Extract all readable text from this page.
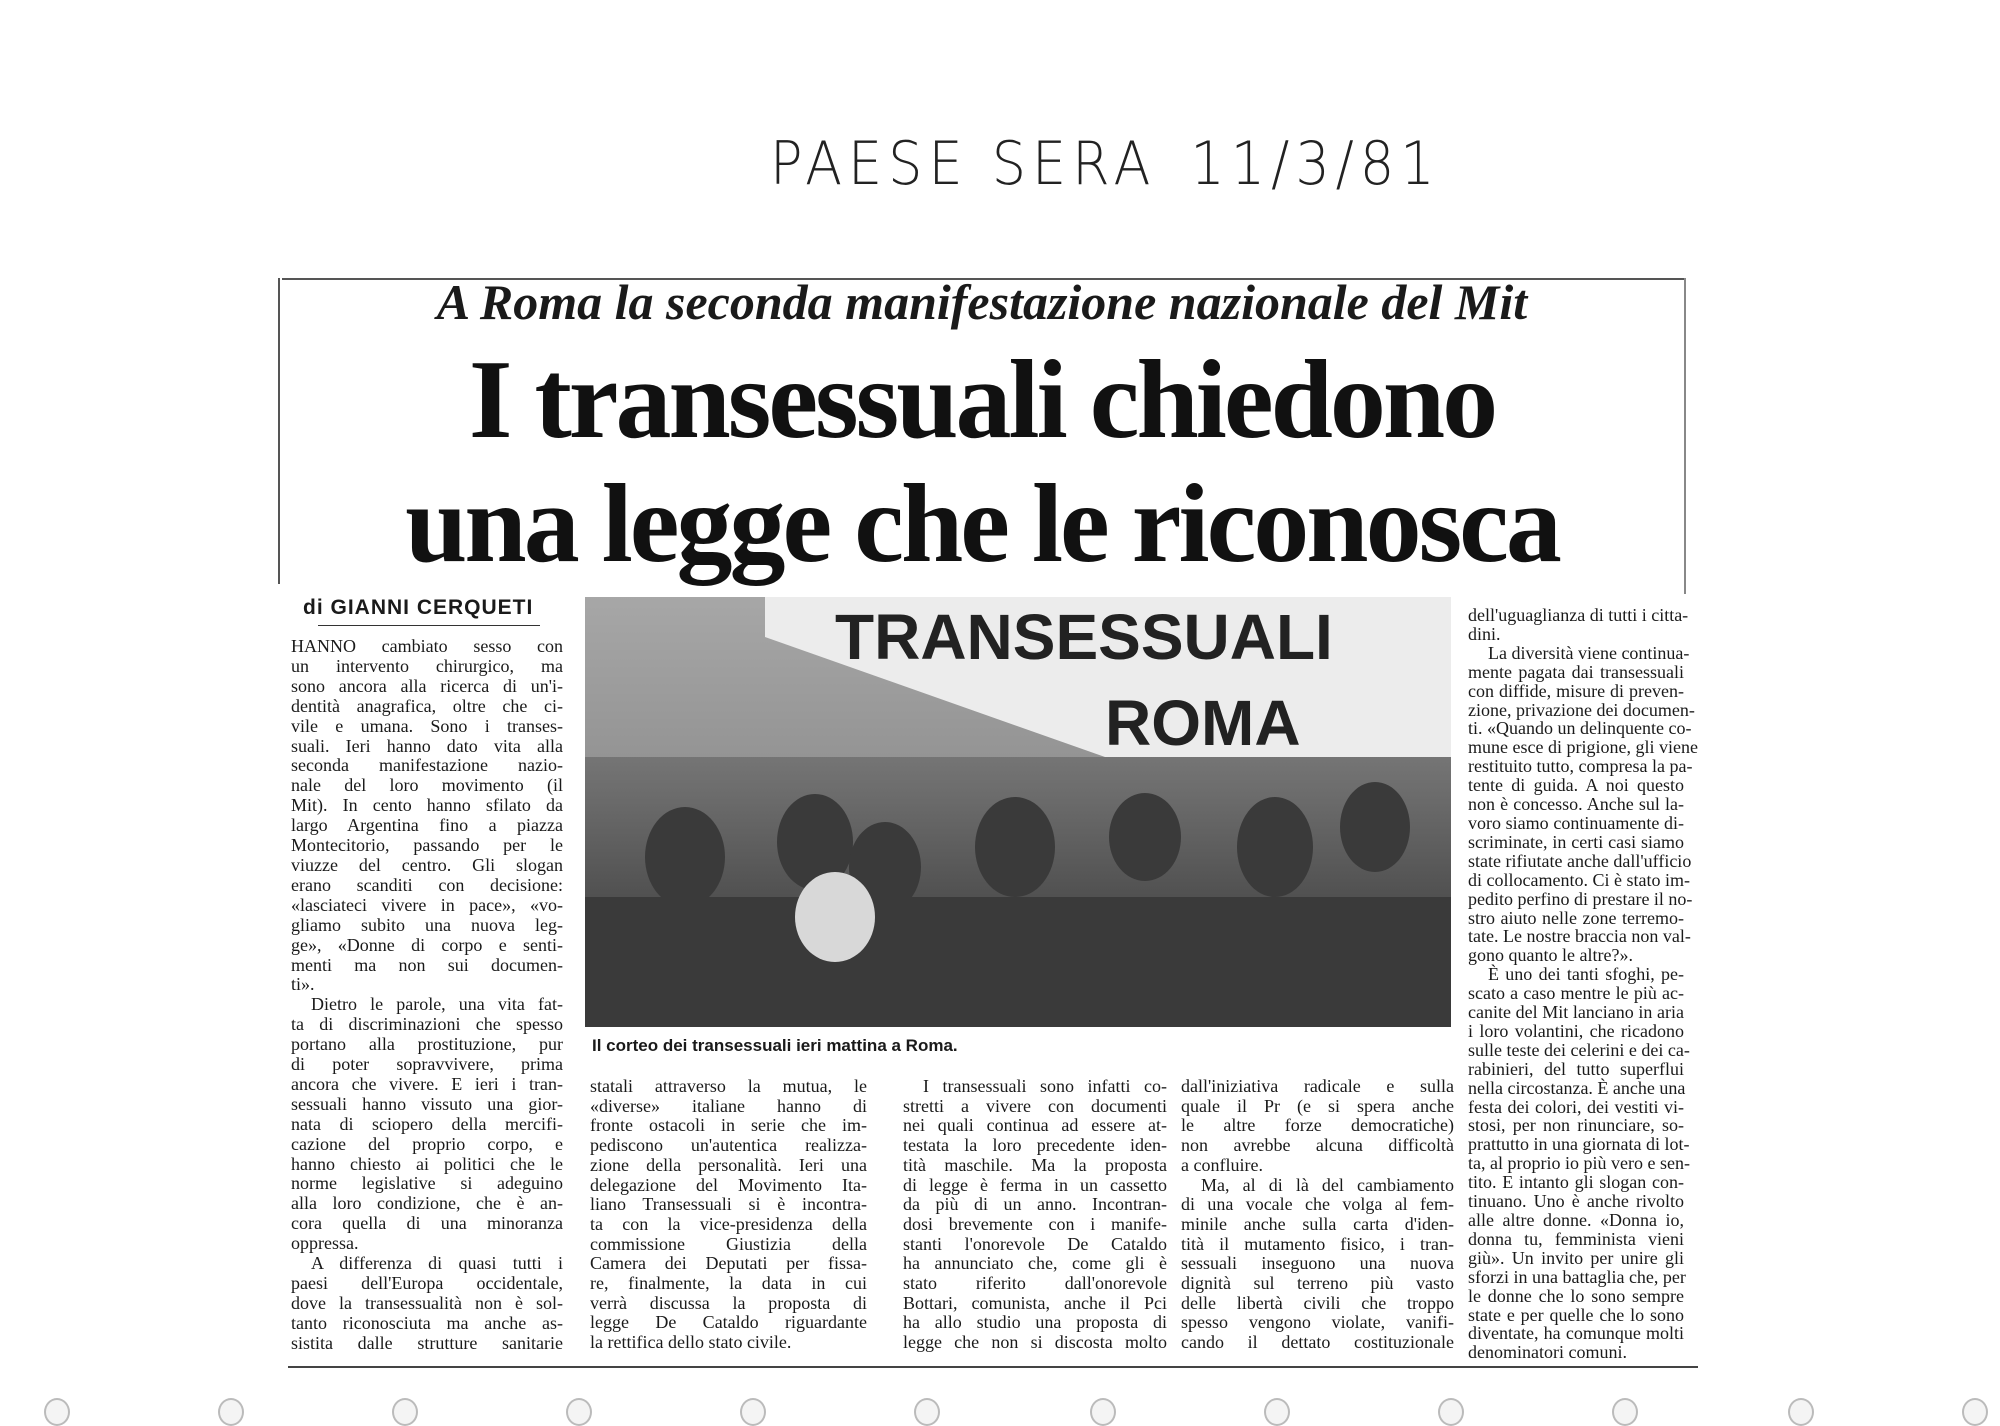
PAESE SERA 11/3/81
A Roma la seconda manifestazione nazionale del Mit
I transessuali chiedono
una legge che le riconosca
di GIANNI CERQUETI	TRANSESSUALI
ROMA
Il corteo dei transessuali ieri mattina a Roma.
HANNO cambiato sesso con
un intervento chirurgico, ma
sono ancora alla ricerca di un'i-
dentità anagrafica, oltre che ci-
vile e umana. Sono i transes-
suali. Ieri hanno dato vita alla
seconda manifestazione nazio-
nale del loro movimento (il
Mit). In cento hanno sfilato da
largo Argentina fino a piazza
Montecitorio, passando per le
viuzze del centro. Gli slogan
erano scanditi con decisione:
«lasciateci vivere in pace», «vo-
gliamo subito una nuova leg-
ge», «Donne di corpo e senti-
menti ma non sui documen-
ti».
Dietro le parole, una vita fat-
ta di discriminazioni che spesso
portano alla prostituzione, pur
di poter sopravvivere, prima
ancora che vivere. E ieri i tran-
sessuali hanno vissuto una gior-
nata di sciopero della mercifi-
cazione del proprio corpo, e
hanno chiesto ai politici che le
norme legislative si adeguino
alla loro condizione, che è an-
cora quella di una minoranza
oppressa.
A differenza di quasi tutti i
paesi dell'Europa occidentale,
dove la transessualità non è sol-
tanto riconosciuta ma anche as-
sistita dalle strutture sanitarie
statali attraverso la mutua, le
«diverse» italiane hanno di
fronte ostacoli in serie che im-
pediscono un'autentica realizza-
zione della personalità. Ieri una
delegazione del Movimento Ita-
liano Transessuali si è incontra-
ta con la vice-presidenza della
commissione Giustizia della
Camera dei Deputati per fissa-
re, finalmente, la data in cui
verrà discussa la proposta di
legge De Cataldo riguardante
la rettifica dello stato civile.
I transessuali sono infatti co-
stretti a vivere con documenti
nei quali continua ad essere at-
testata la loro precedente iden-
tità maschile. Ma la proposta
di legge è ferma in un cassetto
da più di un anno. Incontran-
dosi brevemente con i manife-
stanti l'onorevole De Cataldo
ha annunciato che, come gli è
stato riferito dall'onorevole
Bottari, comunista, anche il Pci
ha allo studio una proposta di
legge che non si discosta molto
dall'iniziativa radicale e sulla
quale il Pr (e si spera anche
le altre forze democratiche)
non avrebbe alcuna difficoltà
a confluire.
Ma, al di là del cambiamento
di una vocale che volga al fem-
minile anche sulla carta d'iden-
tità il mutamento fisico, i tran-
sessuali inseguono una nuova
dignità sul terreno più vasto
delle libertà civili che troppo
spesso vengono violate, vanifi-
cando il dettato costituzionale
dell'uguaglianza di tutti i citta-
dini.
La diversità viene continua-
mente pagata dai transessuali
con diffide, misure di preven-
zione, privazione dei documen-
ti. «Quando un delinquente co-
mune esce di prigione, gli viene
restituito tutto, compresa la pa-
tente di guida. A noi questo
non è concesso. Anche sul la-
voro siamo continuamente di-
scriminate, in certi casi siamo
state rifiutate anche dall'ufficio
di collocamento. Ci è stato im-
pedito perfino di prestare il no-
stro aiuto nelle zone terremo-
tate. Le nostre braccia non val-
gono quanto le altre?».
È uno dei tanti sfoghi, pe-
scato a caso mentre le più ac-
canite del Mit lanciano in aria
i loro volantini, che ricadono
sulle teste dei celerini e dei ca-
rabinieri, del tutto superflui
nella circostanza. È anche una
festa dei colori, dei vestiti vi-
stosi, per non rinunciare, so-
prattutto in una giornata di lot-
ta, al proprio io più vero e sen-
tito. E intanto gli slogan con-
tinuano. Uno è anche rivolto
alle altre donne. «Donna io,
donna tu, femminista vieni
giù». Un invito per unire gli
sforzi in una battaglia che, per
le donne che lo sono sempre
state e per quelle che lo sono
diventate, ha comunque molti
denominatori comuni.
